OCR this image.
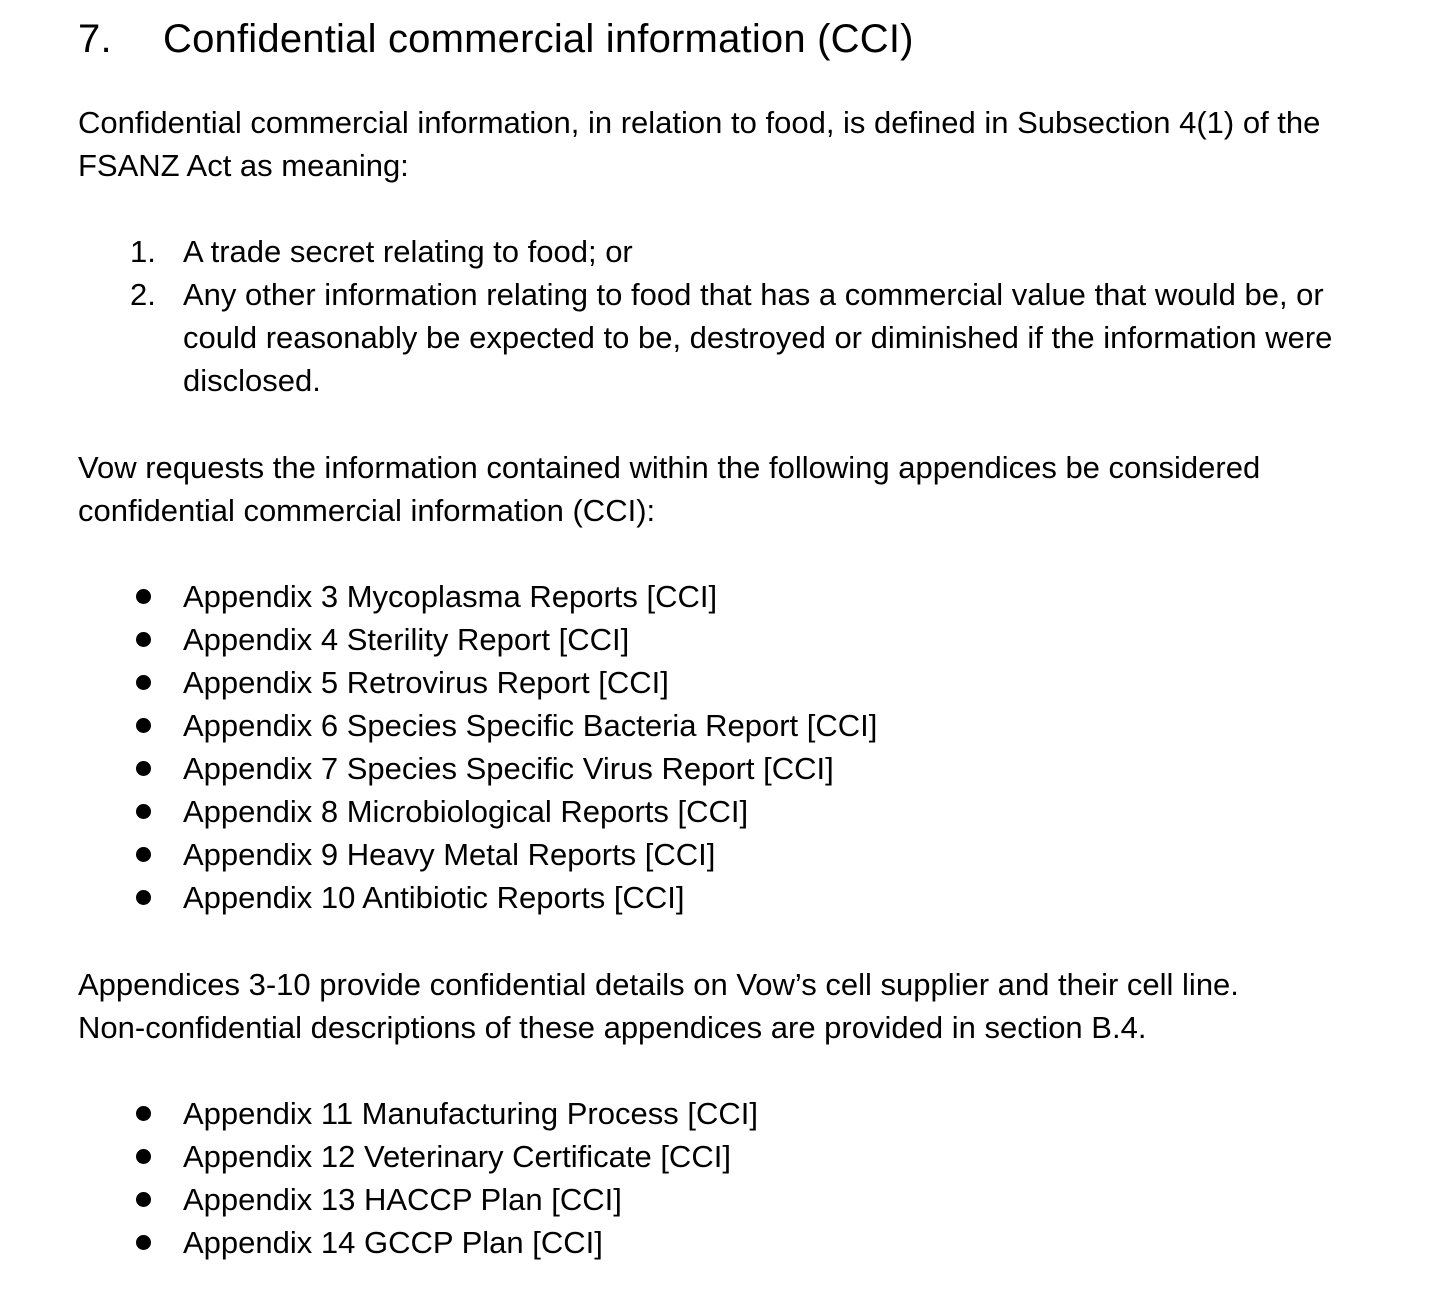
7. Confidential commercial information (CCI)
Confidential commercial information, in relation to food, is defined in Subsection 4(1) of the
FSANZ Act as meaning:
1. A trade secret relating to food; or
2. Any other information relating to food that has a commercial value that would be, or
could reasonably be expected to be, destroyed or diminished if the information were
disclosed.
Vow requests the information contained within the following appendices be considered
confidential commercial information (CCI):
Appendix 3 Mycoplasma Reports [CCI]
Appendix 4 Sterility Report [CCI]
Appendix 5 Retrovirus Report [CCI]
Appendix 6 Species Specific Bacteria Report [CCI]
Appendix 7 Species Specific Virus Report [CCI]
Appendix 8 Microbiological Reports [CCI]
Appendix 9 Heavy Metal Reports [CCI]
Appendix 10 Antibiotic Reports [CCI]
Appendices 3-10 provide confidential details on Vow’s cell supplier and their cell line.
Non-confidential descriptions of these appendices are provided in section B.4.
Appendix 11 Manufacturing Process [CCI]
Appendix 12 Veterinary Certificate [CCI]
Appendix 13 HACCP Plan [CCI]
Appendix 14 GCCP Plan [CCI]
